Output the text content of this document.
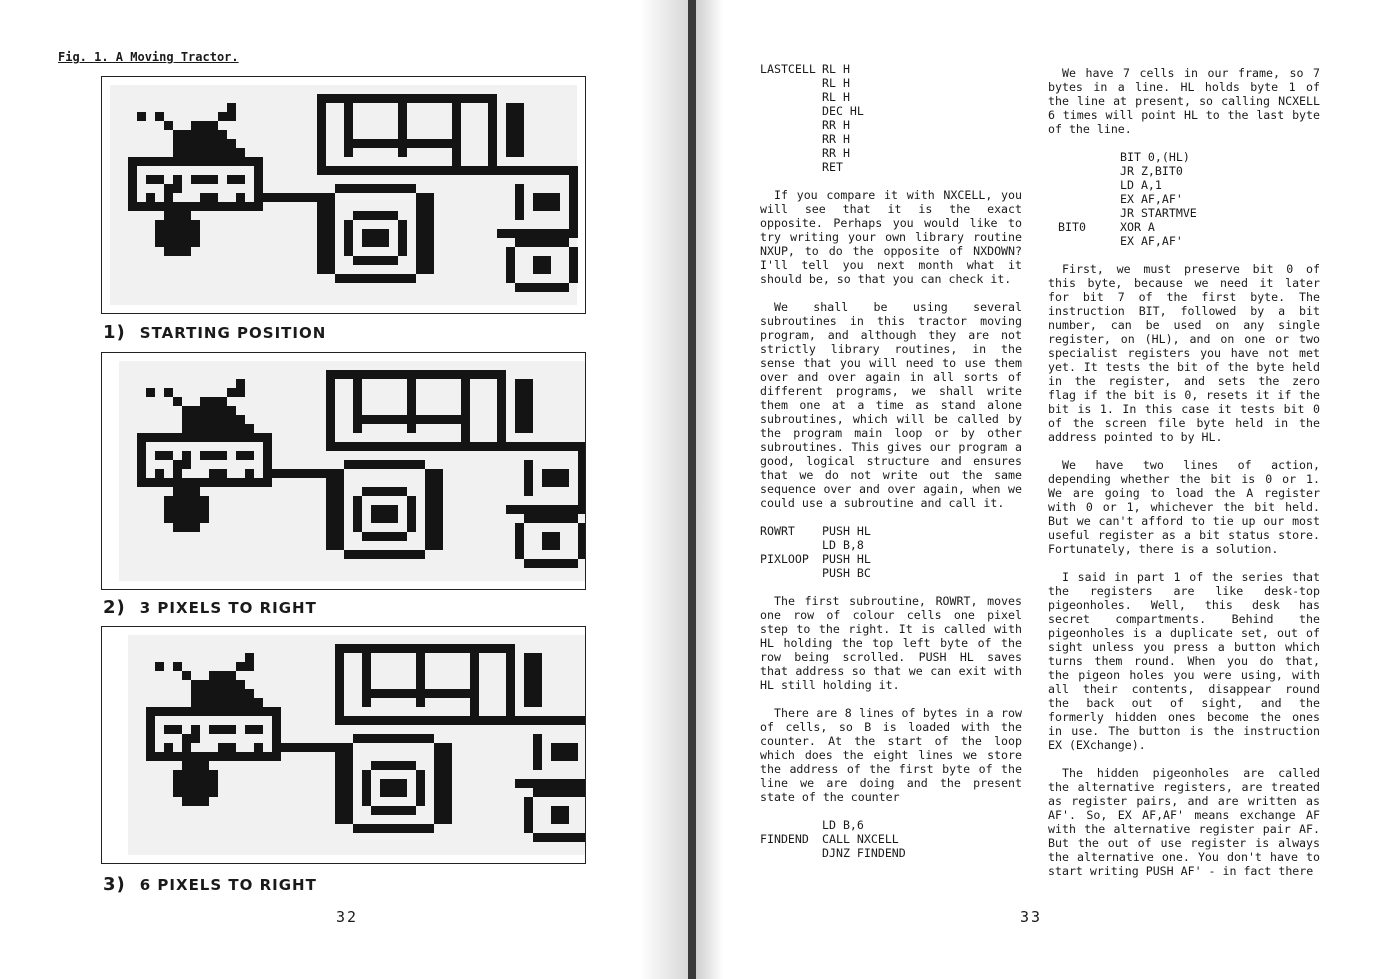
Fig. 1. A Moving Tractor.
1) STARTING POSITION
2) 3 PIXELS TO RIGHT
3) 6 PIXELS TO RIGHT
32
LASTCELL RL H
RL H
RL H
DEC HL
RR H
RR H
RR H
RET

If you compare it with NXCELL, you will see that it is the exact opposite. Perhaps you would like to try writing your own library routine NXUP, to do the opposite of NXDOWN? I'll tell you next month what it should be, so that you can check it.

We shall be using several subroutines in this tractor moving program, and although they are not strictly library routines, in the sense that you will need to use them over and over again in all sorts of different programs, we shall write them one at a time as stand alone subroutines, which will be called by the program main loop or by other subroutines. This gives our program a good, logical structure and ensures that we do not write out the same sequence over and over again, when we could use a subroutine and call it.

ROWRT	PUSH HL
LD B,8
PIXLOOP	PUSH HL
PUSH BC

The first subroutine, ROWRT, moves one row of colour cells one pixel step to the right. It is called with HL holding the top left byte of the row being scrolled. PUSH HL saves that address so that we can exit with HL still holding it.

There are 8 lines of bytes in a row of cells, so B is loaded with the counter. At the start of the loop which does the eight lines we store the address of the first byte of the line we are doing and the present state of the counter

LD B,6
FINDEND	CALL NXCELL
DJNZ FINDEND

We have 7 cells in our frame, so 7 bytes in a line. HL holds byte 1 of the line at present, so calling NCXELL 6 times will point HL to the last byte of the line.

BIT 0,(HL)
JR Z,BIT0
LD A,1
EX AF,AF'
JR STARTMVE
BIT0	XOR A
EX AF,AF'

First, we must preserve bit 0 of this byte, because we need it later for bit 7 of the first byte. The instruction BIT, followed by a bit number, can be used on any single register, on (HL), and on one or two specialist registers you have not met yet. It tests the bit of the byte held in the register, and sets the zero flag if the bit is 0, resets it if the bit is 1. In this case it tests bit 0 of the screen file byte held in the address pointed to by HL.

We have two lines of action, depending whether the bit is 0 or 1. We are going to load the A register with 0 or 1, whichever the bit held. But we can't afford to tie up our most useful register as a bit status store. Fortunately, there is a solution.

I said in part 1 of the series that the registers are like desk-top pigeonholes. Well, this desk has secret compartments. Behind the pigeonholes is a duplicate set, out of sight unless you press a button which turns them round. When you do that, the pigeon holes you were using, with all their contents, disappear round the back out of sight, and the formerly hidden ones become the ones in use. The button is the instruction EX (EXchange).

The hidden pigeonholes are called the alternative registers, are treated as register pairs, and are written as AF'. So, EX AF,AF' means exchange AF with the alternative register pair AF. But the out of use register is always the alternative one. You don't have to start writing PUSH AF' - in fact there

33
